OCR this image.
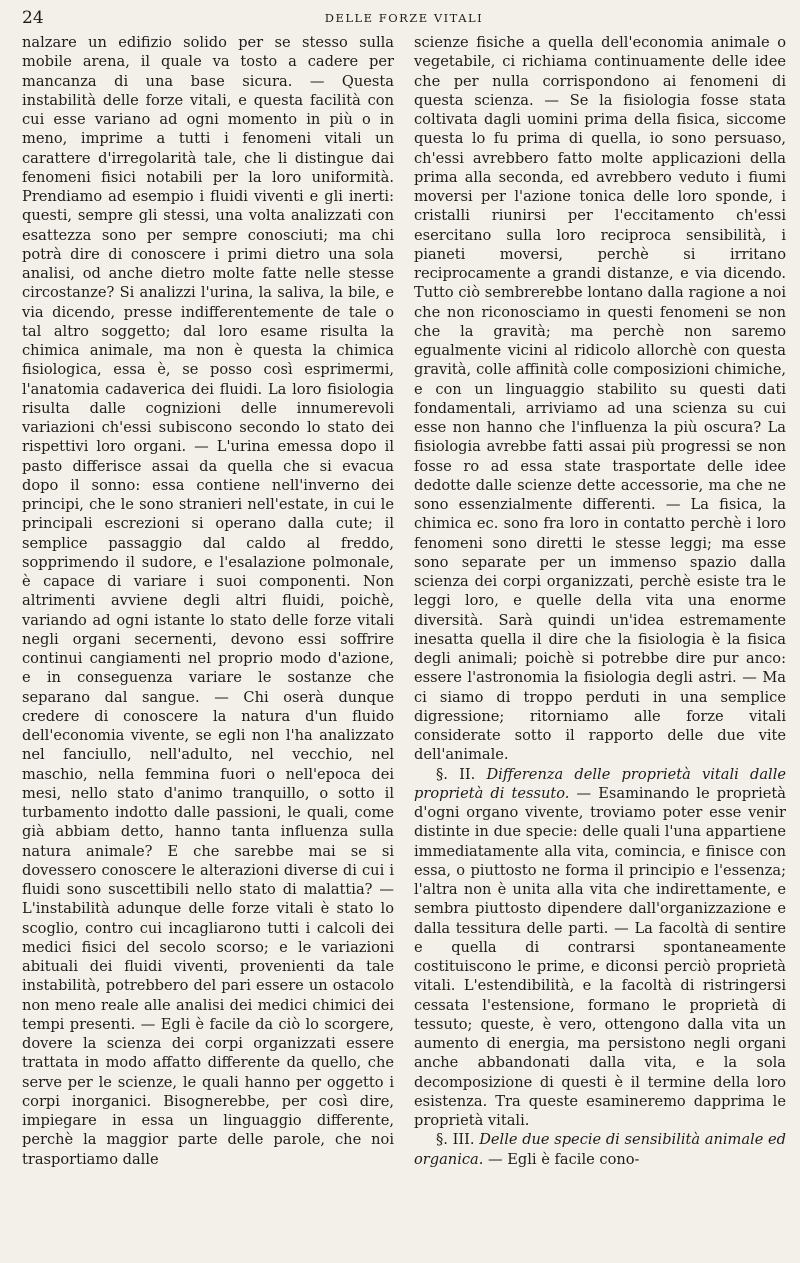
24	DELLE FORZE VITALI

nalzare un edifizio solido per se stesso sulla mobile arena, il quale va tosto a cadere per mancanza di una base sicura. — Questa instabilità delle forze vitali, e questa facilità con cui esse variano ad ogni momento in più o in meno, imprime a tutti i fenomeni vitali un carattere d'irregolarità tale, che li distingue dai fenomeni fisici notabili per la loro uniformità. Prendiamo ad esempio i fluidi viventi e gli inerti: questi, sempre gli stessi, una volta analizzati con esattezza sono per sempre conosciuti; ma chi potrà dire di conoscere i primi dietro una sola analisi, od anche dietro molte fatte nelle stesse circostanze? Si analizzi l'urina, la saliva, la bile, e via dicendo, presse indifferentemente de tale o tal altro soggetto; dal loro esame risulta la chimica animale, ma non è questa la chimica fisiologica, essa è, se posso così esprimermi, l'anatomia cadaverica dei fluidi. La loro fisiologia risulta dalle cognizioni delle innumerevoli variazioni ch'essi subiscono secondo lo stato dei rispettivi loro organi. — L'urina emessa dopo il pasto differisce assai da quella che si evacua dopo il sonno: essa contiene nell'inverno dei principi, che le sono stranieri nell'estate, in cui le principali escrezioni si operano dalla cute; il semplice passaggio dal caldo al freddo, sopprimendo il sudore, e l'esalazione polmonale, è capace di variare i suoi componenti. Non altrimenti avviene degli altri fluidi, poichè, variando ad ogni istante lo stato delle forze vitali negli organi secernenti, devono essi soffrire continui cangiamenti nel proprio modo d'azione, e in conseguenza variare le sostanze che separano dal sangue. — Chi oserà dunque credere di conoscere la natura d'un fluido dell'economia vivente, se egli non l'ha analizzato nel fanciullo, nell'adulto, nel vecchio, nel maschio, nella femmina fuori o nell'epoca dei mesi, nello stato d'animo tranquillo, o sotto il turbamento indotto dalle passioni, le quali, come già abbiam detto, hanno tanta influenza sulla natura animale? E che sarebbe mai se si dovessero conoscere le alterazioni diverse di cui i fluidi sono suscettibili nello stato di malattia? — L'instabilità adunque delle forze vitali è stato lo scoglio, contro cui incagliarono tutti i calcoli dei medici fisici del secolo scorso; e le variazioni abituali dei fluidi viventi, provenienti da tale instabilità, potrebbero del pari essere un ostacolo non meno reale alle analisi dei medici chimici dei tempi presenti. — Egli è facile da ciò lo scorgere, dovere la scienza dei corpi organizzati essere trattata in modo affatto differente da quello, che serve per le scienze, le quali hanno per oggetto i corpi inorganici. Bisognerebbe, per così dire, impiegare in essa un linguaggio differente, perchè la maggior parte delle parole, che noi trasportiamo dalle

scienze fisiche a quella dell'economia animale o vegetabile, ci richiama continuamente delle idee che per nulla corrispondono ai fenomeni di questa scienza. — Se la fisiologia fosse stata coltivata dagli uomini prima della fisica, siccome questa lo fu prima di quella, io sono persuaso, ch'essi avrebbero fatto molte applicazioni della prima alla seconda, ed avrebbero veduto i fiumi moversi per l'azione tonica delle loro sponde, i cristalli riunirsi per l'eccitamento ch'essi esercitano sulla loro reciproca sensibilità, i pianeti moversi, perchè si irritano reciprocamente a grandi distanze, e via dicendo. Tutto ciò sembrerebbe lontano dalla ragione a noi che non riconosciamo in questi fenomeni se non che la gravità; ma perchè non saremo egualmente vicini al ridicolo allorchè con questa gravità, colle affinità colle composizioni chimiche, e con un linguaggio stabilito su questi dati fondamentali, arriviamo ad una scienza su cui esse non hanno che l'influenza la più oscura? La fisiologia avrebbe fatti assai più progressi se non fosse ro ad essa state trasportate delle idee dedotte dalle scienze dette accessorie, ma che ne sono essenzialmente differenti. — La fisica, la chimica ec. sono fra loro in contatto perchè i loro fenomeni sono diretti le stesse leggi; ma esse sono separate per un immenso spazio dalla scienza dei corpi organizzati, perchè esiste tra le leggi loro, e quelle della vita una enorme diversità. Sarà quindi un'idea estremamente inesatta quella il dire che la fisiologia è la fisica degli animali; poichè si potrebbe dire pur anco: essere l'astronomia la fisiologia degli astri. — Ma ci siamo di troppo perduti in una semplice digressione; ritorniamo alle forze vitali considerate sotto il rapporto delle due vite dell'animale.

§. II. Differenza delle proprietà vitali dalle proprietà di tessuto. — Esaminando le proprietà d'ogni organo vivente, troviamo poter esse venir distinte in due specie: delle quali l'una appartiene immediatamente alla vita, comincia, e finisce con essa, o piuttosto ne forma il principio e l'essenza; l'altra non è unita alla vita che indirettamente, e sembra piuttosto dipendere dall'organizzazione e dalla tessitura delle parti. — La facoltà di sentire e quella di contrarsi spontaneamente costituiscono le prime, e diconsi perciò proprietà vitali. L'estendibilità, e la facoltà di ristringersi cessata l'estensione, formano le proprietà di tessuto; queste, è vero, ottengono dalla vita un aumento di energia, ma persistono negli organi anche abbandonati dalla vita, e la sola decomposizione di questi è il termine della loro esistenza. Tra queste esamineremo dapprima le proprietà vitali.

§. III. Delle due specie di sensibilità animale ed organica. — Egli è facile cono-
